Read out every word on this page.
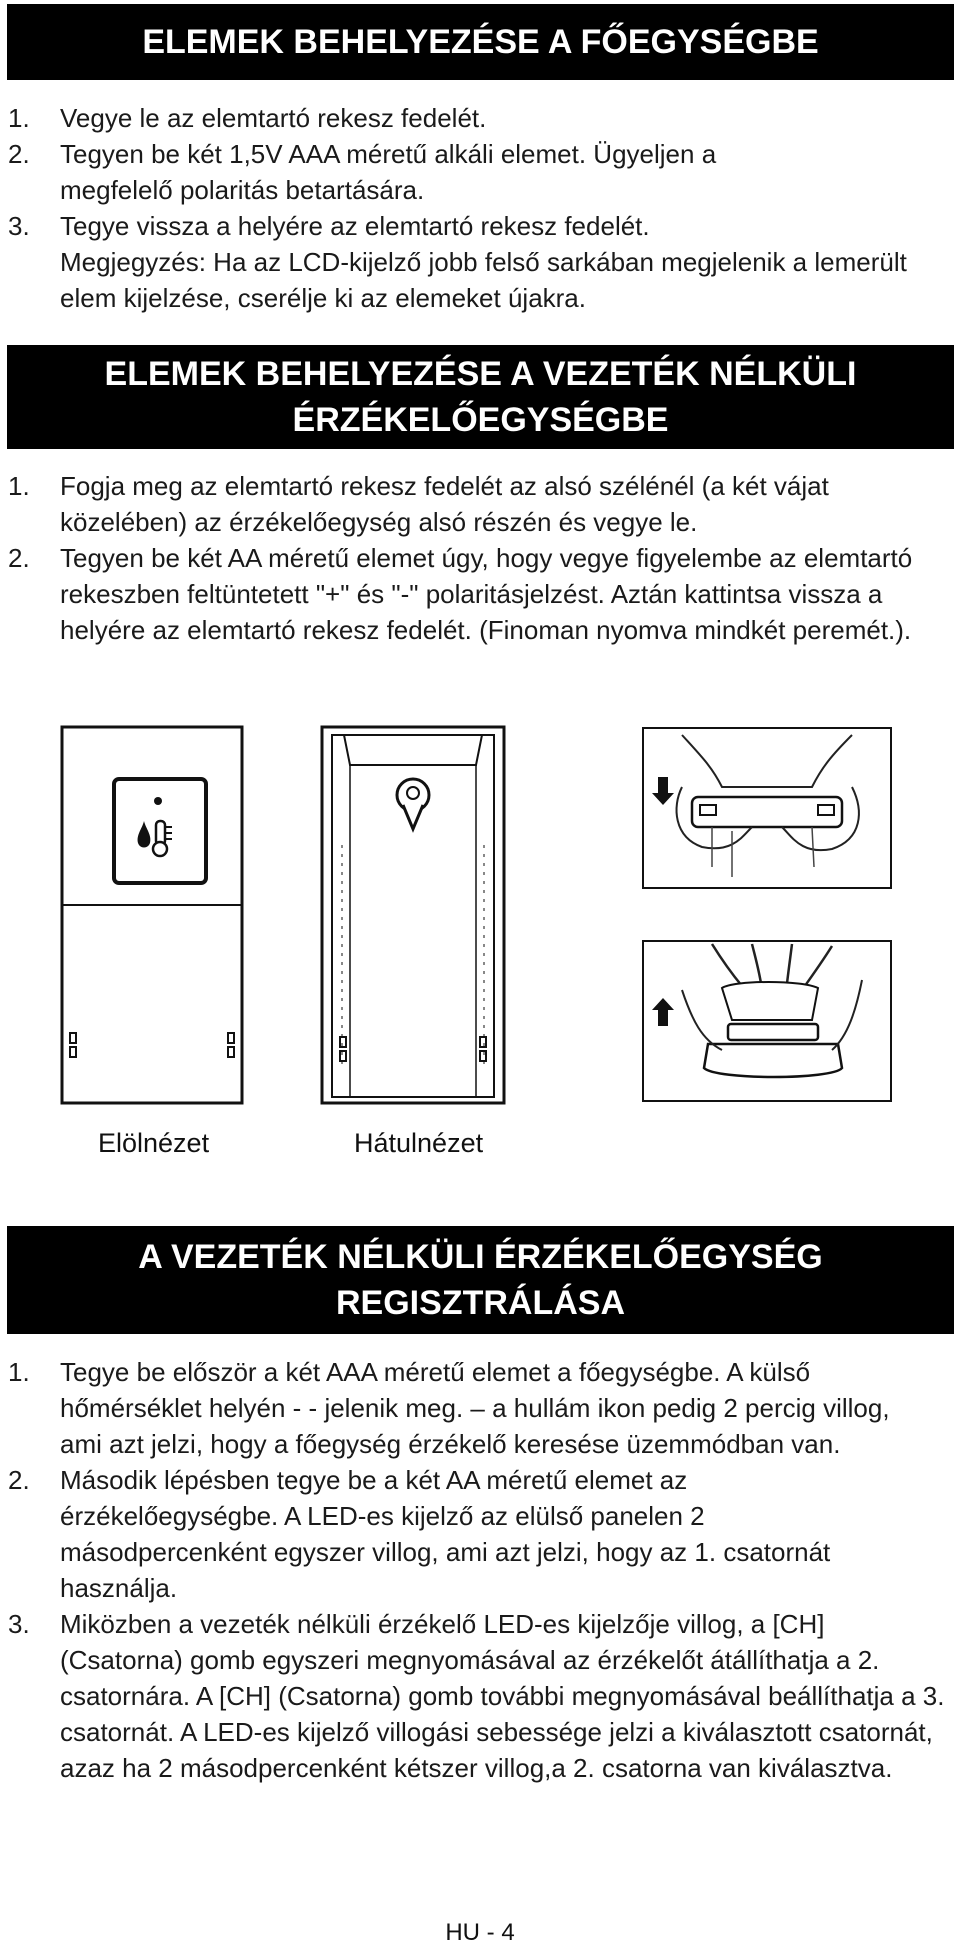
ELEMEK BEHELYEZÉSE A FŐEGYSÉGBE
1.	Vegye le az elemtartó rekesz fedelét.
2.	Tegyen be két 1,5V AAA méretű alkáli elemet. Ügyeljen a megfelelő polaritás betartására.
3.	Tegye vissza a helyére az elemtartó rekesz fedelét.
Megjegyzés: Ha az LCD-kijelző jobb felső sarkában megjelenik a lemerült elem kijelzése, cserélje ki az elemeket újakra.
ELEMEK BEHELYEZÉSE A VEZETÉK NÉLKÜLI
ÉRZÉKELŐEGYSÉGBE
1.	Fogja meg az elemtartó rekesz fedelét az alsó szélénél (a két vájat közelében) az érzékelőegység alsó részén és vegye le.
2.	Tegyen be két AA méretű elemet úgy, hogy vegye figyelembe az elemtartó rekeszben feltüntetett "+" és "-" polaritásjelzést. Aztán kattintsa vissza a helyére az elemtartó rekesz fedelét. (Finoman nyomva mindkét peremét.).
Elölnézet	Hátulnézet
A VEZETÉK NÉLKÜLI ÉRZÉKELŐEGYSÉG
REGISZTRÁLÁSA
1.	Tegye be először a két AAA méretű elemet a főegységbe. A külső hőmérséklet helyén - - jelenik meg. – a hullám ikon pedig 2 percig villog, ami azt jelzi, hogy a főegység érzékelő keresése üzemmódban van.
2.	Második lépésben tegye be a két AA méretű elemet az érzékelőegységbe. A LED-es kijelző az elülső panelen 2 másodpercenként egyszer villog, ami azt jelzi, hogy az 1. csatornát használja.
3.	Miközben a vezeték nélküli érzékelő LED-es kijelzője villog, a [CH] (Csatorna) gomb egyszeri megnyomásával az érzékelőt átállíthatja a 2. csatornára. A [CH] (Csatorna) gomb további megnyomásával beállíthatja a 3. csatornát. A LED-es kijelző villogási sebessége jelzi a kiválasztott csatornát, azaz ha 2 másodpercenként kétszer villog,a 2. csatorna van kiválasztva.
HU - 4
